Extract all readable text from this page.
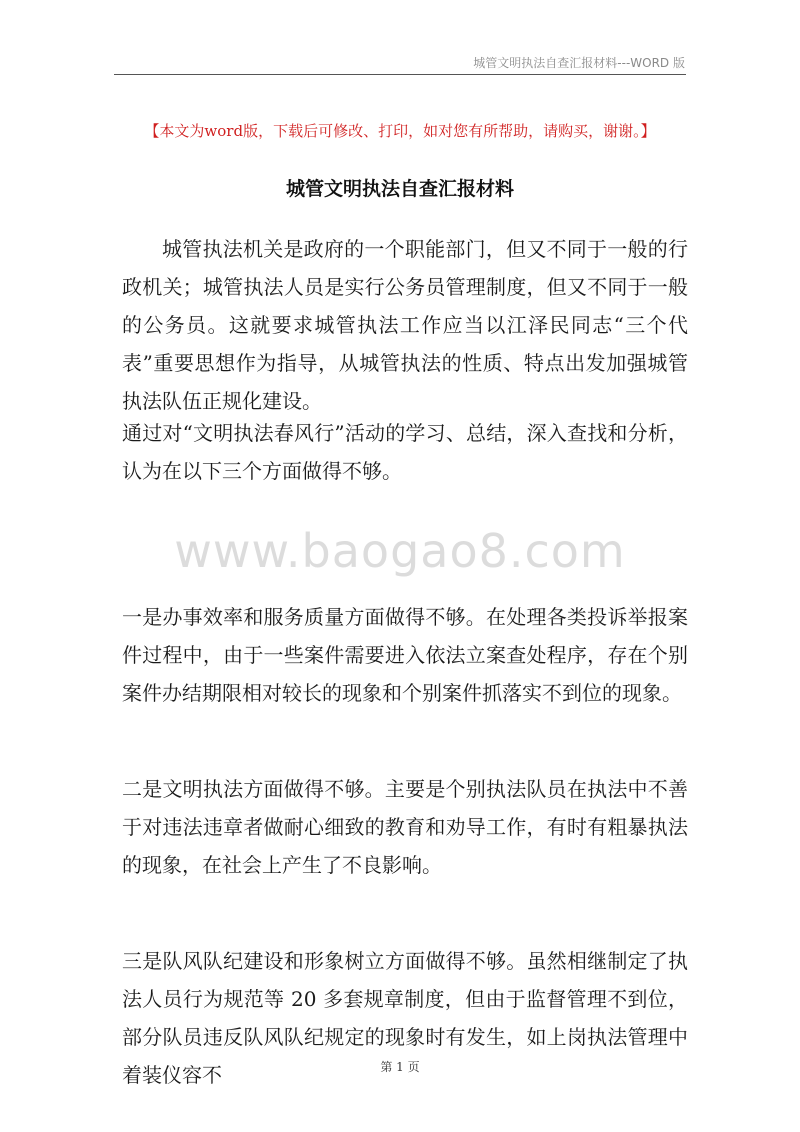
城管文明执法自查汇报材料---WORD 版
【本文为word版，下载后可修改、打印，如对您有所帮助，请购买，谢谢。】
城管文明执法自查汇报材料

城管执法机关是政府的一个职能部门，但又不同于一般的行政机关；城管执法人员是实行公务员管理制度，但又不同于一般的公务员。这就要求城管执法工作应当以江泽民同志“三个代表”重要思想作为指导，从城管执法的性质、特点出发加强城管执法队伍正规化建设。

通过对“文明执法春风行”活动的学习、总结，深入查找和分析，认为在以下三个方面做得不够。

www.baogao8.com

一是办事效率和服务质量方面做得不够。在处理各类投诉举报案件过程中，由于一些案件需要进入依法立案查处程序，存在个别案件办结期限相对较长的现象和个别案件抓落实不到位的现象。

二是文明执法方面做得不够。主要是个别执法队员在执法中不善于对违法违章者做耐心细致的教育和劝导工作，有时有粗暴执法的现象，在社会上产生了不良影响。

三是队风队纪建设和形象树立方面做得不够。虽然相继制定了执法人员行为规范等 20 多套规章制度，但由于监督管理不到位，部分队员违反队风队纪规定的现象时有发生，如上岗执法管理中着装仪容不	第 1 页
